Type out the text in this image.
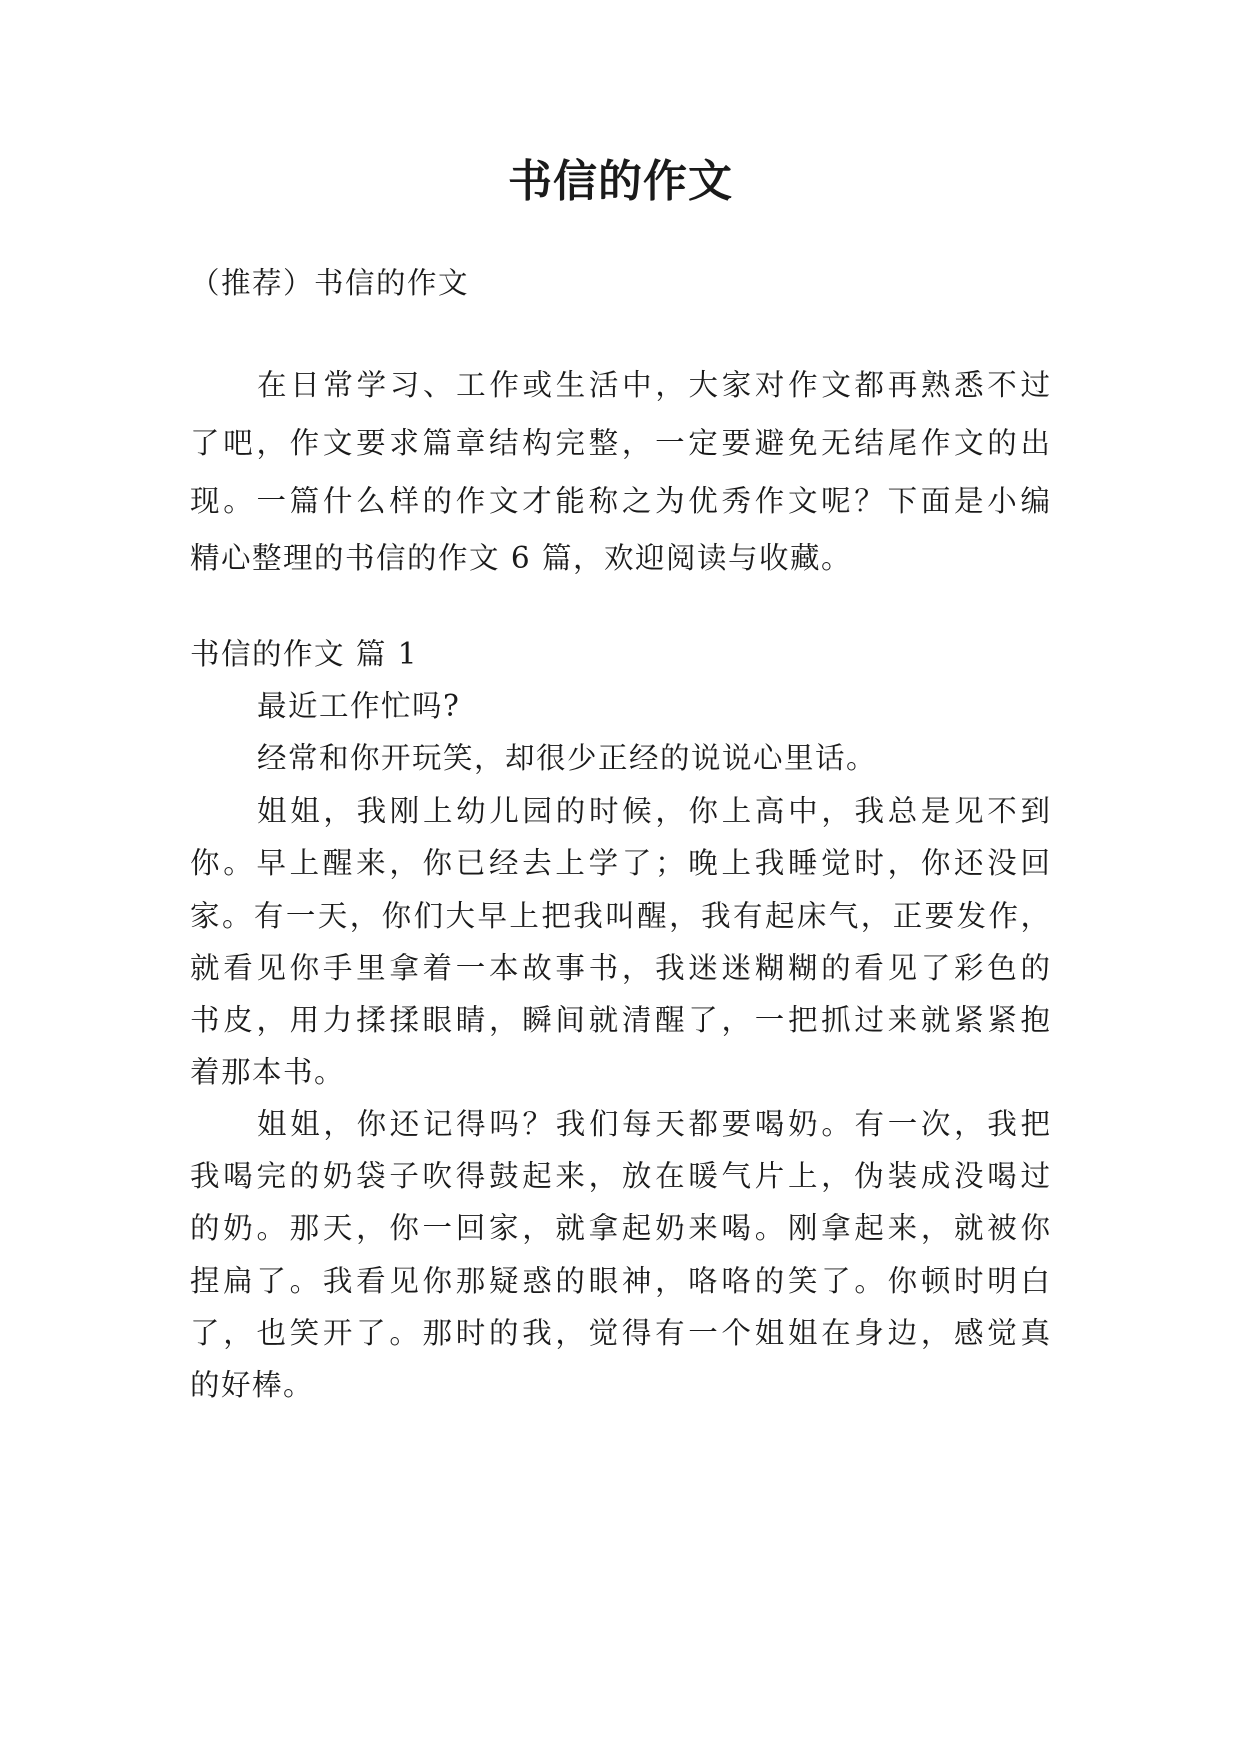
书信的作文
（推荐）书信的作文
在日常学习、工作或生活中，大家对作文都再熟悉不过
了吧，作文要求篇章结构完整，一定要避免无结尾作文的出
现。一篇什么样的作文才能称之为优秀作文呢？下面是小编
精心整理的书信的作文 6 篇，欢迎阅读与收藏。
书信的作文 篇 1
最近工作忙吗?
经常和你开玩笑，却很少正经的说说心里话。
姐姐，我刚上幼儿园的时候，你上高中，我总是见不到
你。早上醒来，你已经去上学了；晚上我睡觉时，你还没回
家。有一天，你们大早上把我叫醒，我有起床气，正要发作，
就看见你手里拿着一本故事书，我迷迷糊糊的看见了彩色的
书皮，用力揉揉眼睛，瞬间就清醒了，一把抓过来就紧紧抱
着那本书。
姐姐，你还记得吗？我们每天都要喝奶。有一次，我把
我喝完的奶袋子吹得鼓起来，放在暖气片上，伪装成没喝过
的奶。那天，你一回家，就拿起奶来喝。刚拿起来，就被你
捏扁了。我看见你那疑惑的眼神，咯咯的笑了。你顿时明白
了，也笑开了。那时的我，觉得有一个姐姐在身边，感觉真
的好棒。
